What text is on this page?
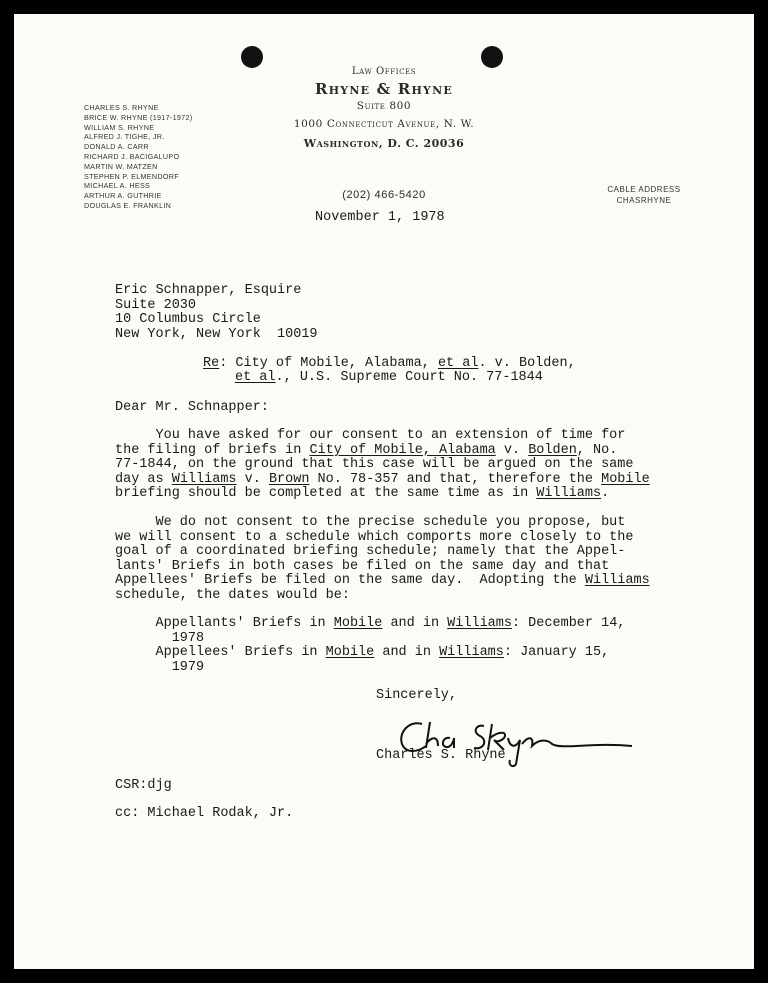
Law Offices
Rhyne & Rhyne
Suite 800
1000 Connecticut Avenue, N. W.
Washington, D. C. 20036
(202) 466-5420
CHARLES S. RHYNE
BRICE W. RHYNE (1917-1972)
WILLIAM S. RHYNE
ALFRED J. TIGHE, JR.
DONALD A. CARR
RICHARD J. BACIGALUPO
MARTIN W. MATZEN
STEPHEN P. ELMENDORF
MICHAEL A. HESS
ARTHUR A. GUTHRIE
DOUGLAS E. FRANKLIN
CABLE ADDRESS
CHASRHYNE
November 1, 1978
Eric Schnapper, Esquire
Suite 2030
10 Columbus Circle
New York, New York  10019
Re: City of Mobile, Alabama, et al. v. Bolden,
et al., U.S. Supreme Court No. 77-1844
Dear Mr. Schnapper:
You have asked for our consent to an extension of time for
the filing of briefs in City of Mobile, Alabama v. Bolden, No.
77-1844, on the ground that this case will be argued on the same
day as Williams v. Brown No. 78-357 and that, therefore the Mobile
briefing should be completed at the same time as in Williams.
We do not consent to the precise schedule you propose, but
we will consent to a schedule which comports more closely to the
goal of a coordinated briefing schedule; namely that the Appel-
lants' Briefs in both cases be filed on the same day and that
Appellees' Briefs be filed on the same day.  Adopting the Williams
schedule, the dates would be:
Appellants' Briefs in Mobile and in Williams: December 14,
1978
Appellees' Briefs in Mobile and in Williams: January 15,
1979
Sincerely,
Charles S. Rhyne
CSR:djg
cc: Michael Rodak, Jr.
